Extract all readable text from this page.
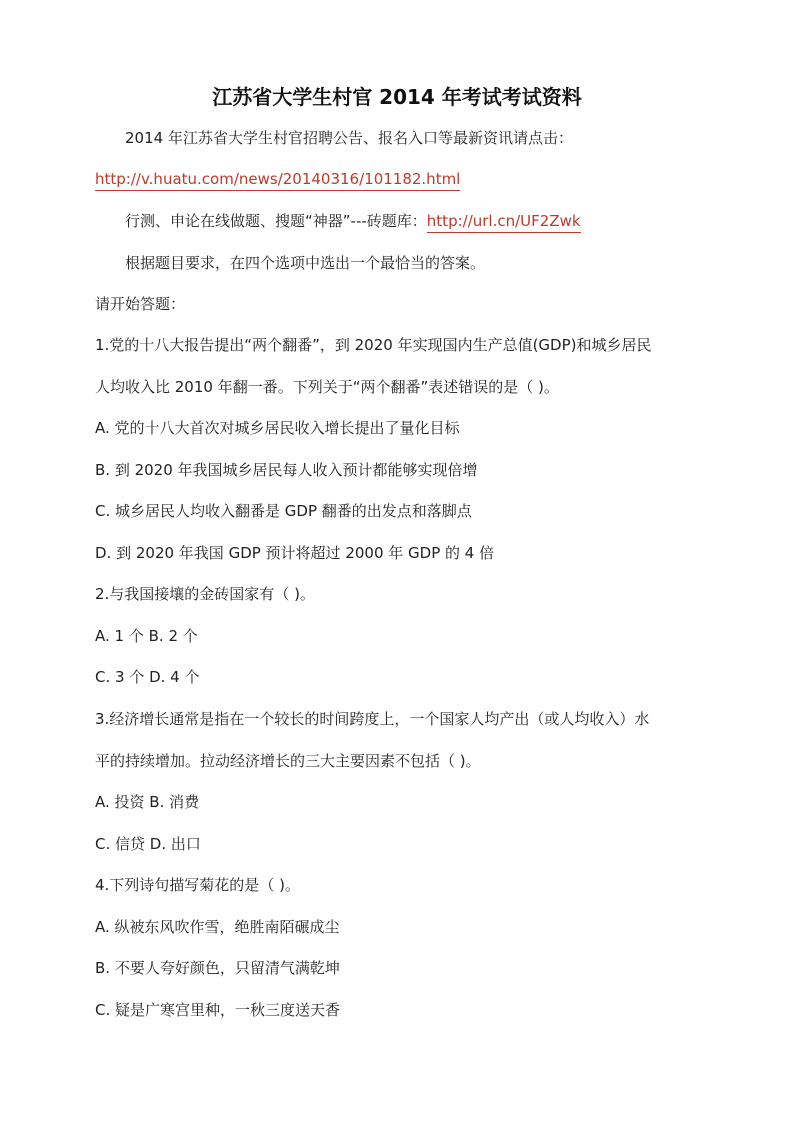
江苏省大学生村官 2014 年考试考试资料
2014 年江苏省大学生村官招聘公告、报名入口等最新资讯请点击：
http://v.huatu.com/news/20140316/101182.html
行测、申论在线做题、搜题“神器”---砖题库：http://url.cn/UF2Zwk
根据题目要求，在四个选项中选出一个最恰当的答案。
请开始答题：
1.党的十八大报告提出“两个翻番”，到 2020 年实现国内生产总值(GDP)和城乡居民
人均收入比 2010 年翻一番。下列关于“两个翻番”表述错误的是（ )。
A. 党的十八大首次对城乡居民收入增长提出了量化目标
B. 到 2020 年我国城乡居民每人收入预计都能够实现倍增
C. 城乡居民人均收入翻番是 GDP 翻番的出发点和落脚点
D. 到 2020 年我国 GDP 预计将超过 2000 年 GDP 的 4 倍
2.与我国接壤的金砖国家有（ )。
A. 1 个 B. 2 个
C. 3 个 D. 4 个
3.经济增长通常是指在一个较长的时间跨度上，一个国家人均产出（或人均收入）水
平的持续增加。拉动经济增长的三大主要因素不包括（ )。
A. 投资 B. 消费
C. 信贷 D. 出口
4.下列诗句描写菊花的是（ )。
A. 纵被东风吹作雪，绝胜南陌碾成尘
B. 不要人夸好颜色，只留清气满乾坤
C. 疑是广寒宫里种，一秋三度送天香
